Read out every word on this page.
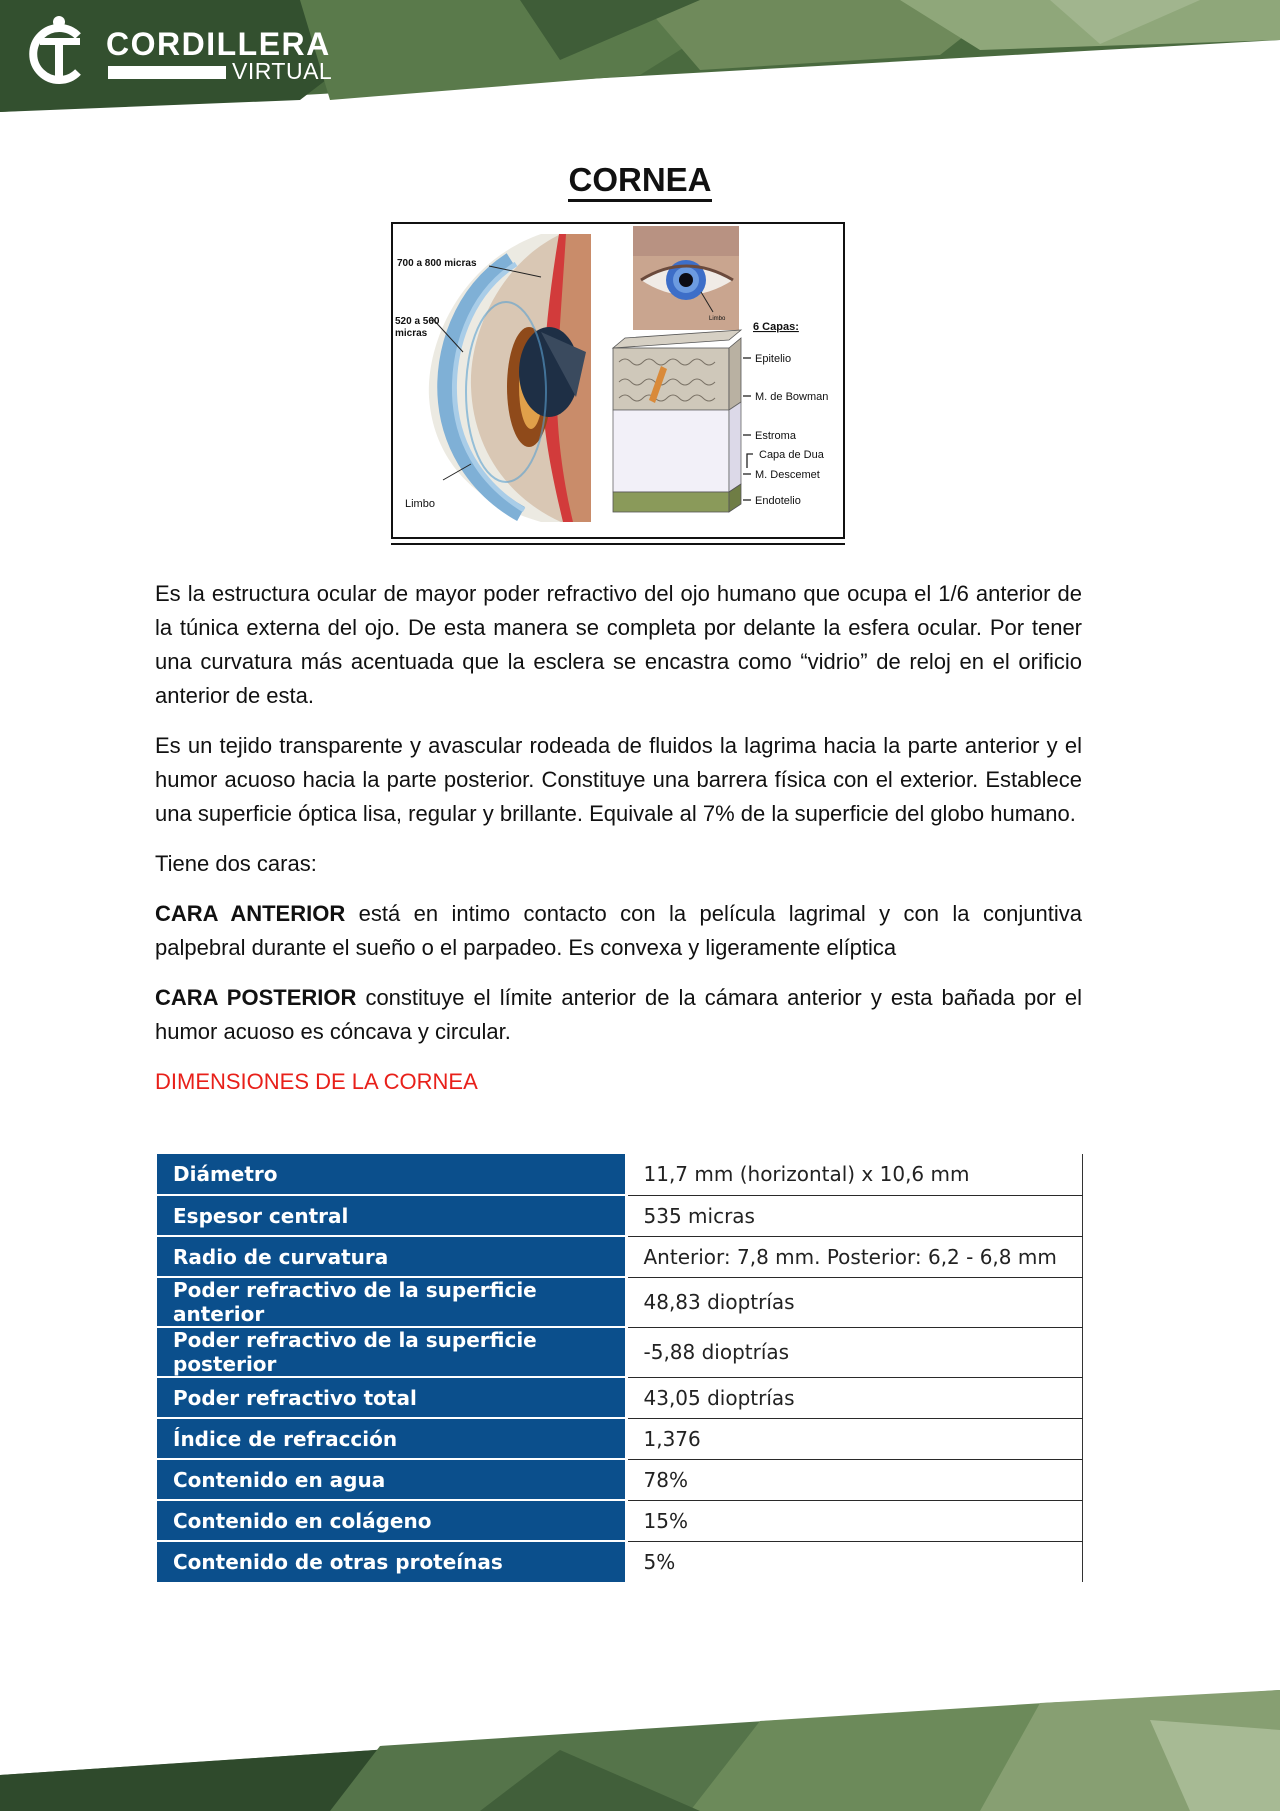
CORDILLERA
VIRTUAL
CORNEA
700 a 800 micras
520 a 560
micras
Limbo
Limbo
6 Capas:
Epitelio
M. de Bowman
Estroma
Capa de Dua
M. Descemet
Endotelio

Es la estructura ocular de mayor poder refractivo del ojo humano que ocupa el 1/6 anterior de la túnica externa del ojo. De esta manera se completa por delante la esfera ocular. Por tener una curvatura más acentuada que la esclera se encastra como “vidrio” de reloj en el orificio anterior de esta.

Es un tejido transparente y avascular rodeada de fluidos la lagrima hacia la parte anterior y el humor acuoso hacia la parte posterior. Constituye una barrera física con el exterior. Establece una superficie óptica lisa, regular y brillante. Equivale al 7% de la superficie del globo humano.

Tiene dos caras:

CARA ANTERIOR está en intimo contacto con la película lagrimal y con la conjuntiva palpebral durante el sueño o el parpadeo. Es convexa y ligeramente elíptica

CARA POSTERIOR constituye el límite anterior de la cámara anterior y esta bañada por el humor acuoso es cóncava y circular.

DIMENSIONES DE LA CORNEA
Diámetro	11,7 mm (horizontal) x 10,6 mm
Espesor central	535 micras
Radio de curvatura	Anterior: 7,8 mm. Posterior: 6,2 - 6,8 mm
Poder refractivo de la superficie anterior	48,83 dioptrías
Poder refractivo de la superficie posterior	-5,88 dioptrías
Poder refractivo total	43,05 dioptrías
Índice de refracción	1,376
Contenido en agua	78%
Contenido en colágeno	15%
Contenido de otras proteínas	5%
